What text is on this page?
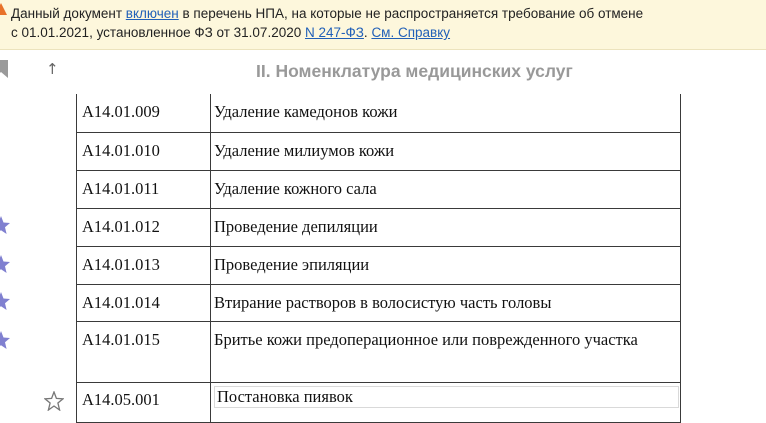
Данный документ включен в перечень НПА, на которые не распространяется требование об отмене
с 01.01.2021, установленное ФЗ от 31.07.2020 N 247-ФЗ. См. Справку
↑	II. Номенклатура медицинских услуг
A14.01.009	Удаление камедонов кожи

A14.01.010	Удаление милиумов кожи

A14.01.011	Удаление кожного сала

A14.01.012	Проведение депиляции

A14.01.013	Проведение эпиляции

A14.01.014	Втирание растворов в волосистую часть головы

A14.01.015	Бритье кожи предоперационное или поврежденного участка

A14.05.001	Постановка пиявок
